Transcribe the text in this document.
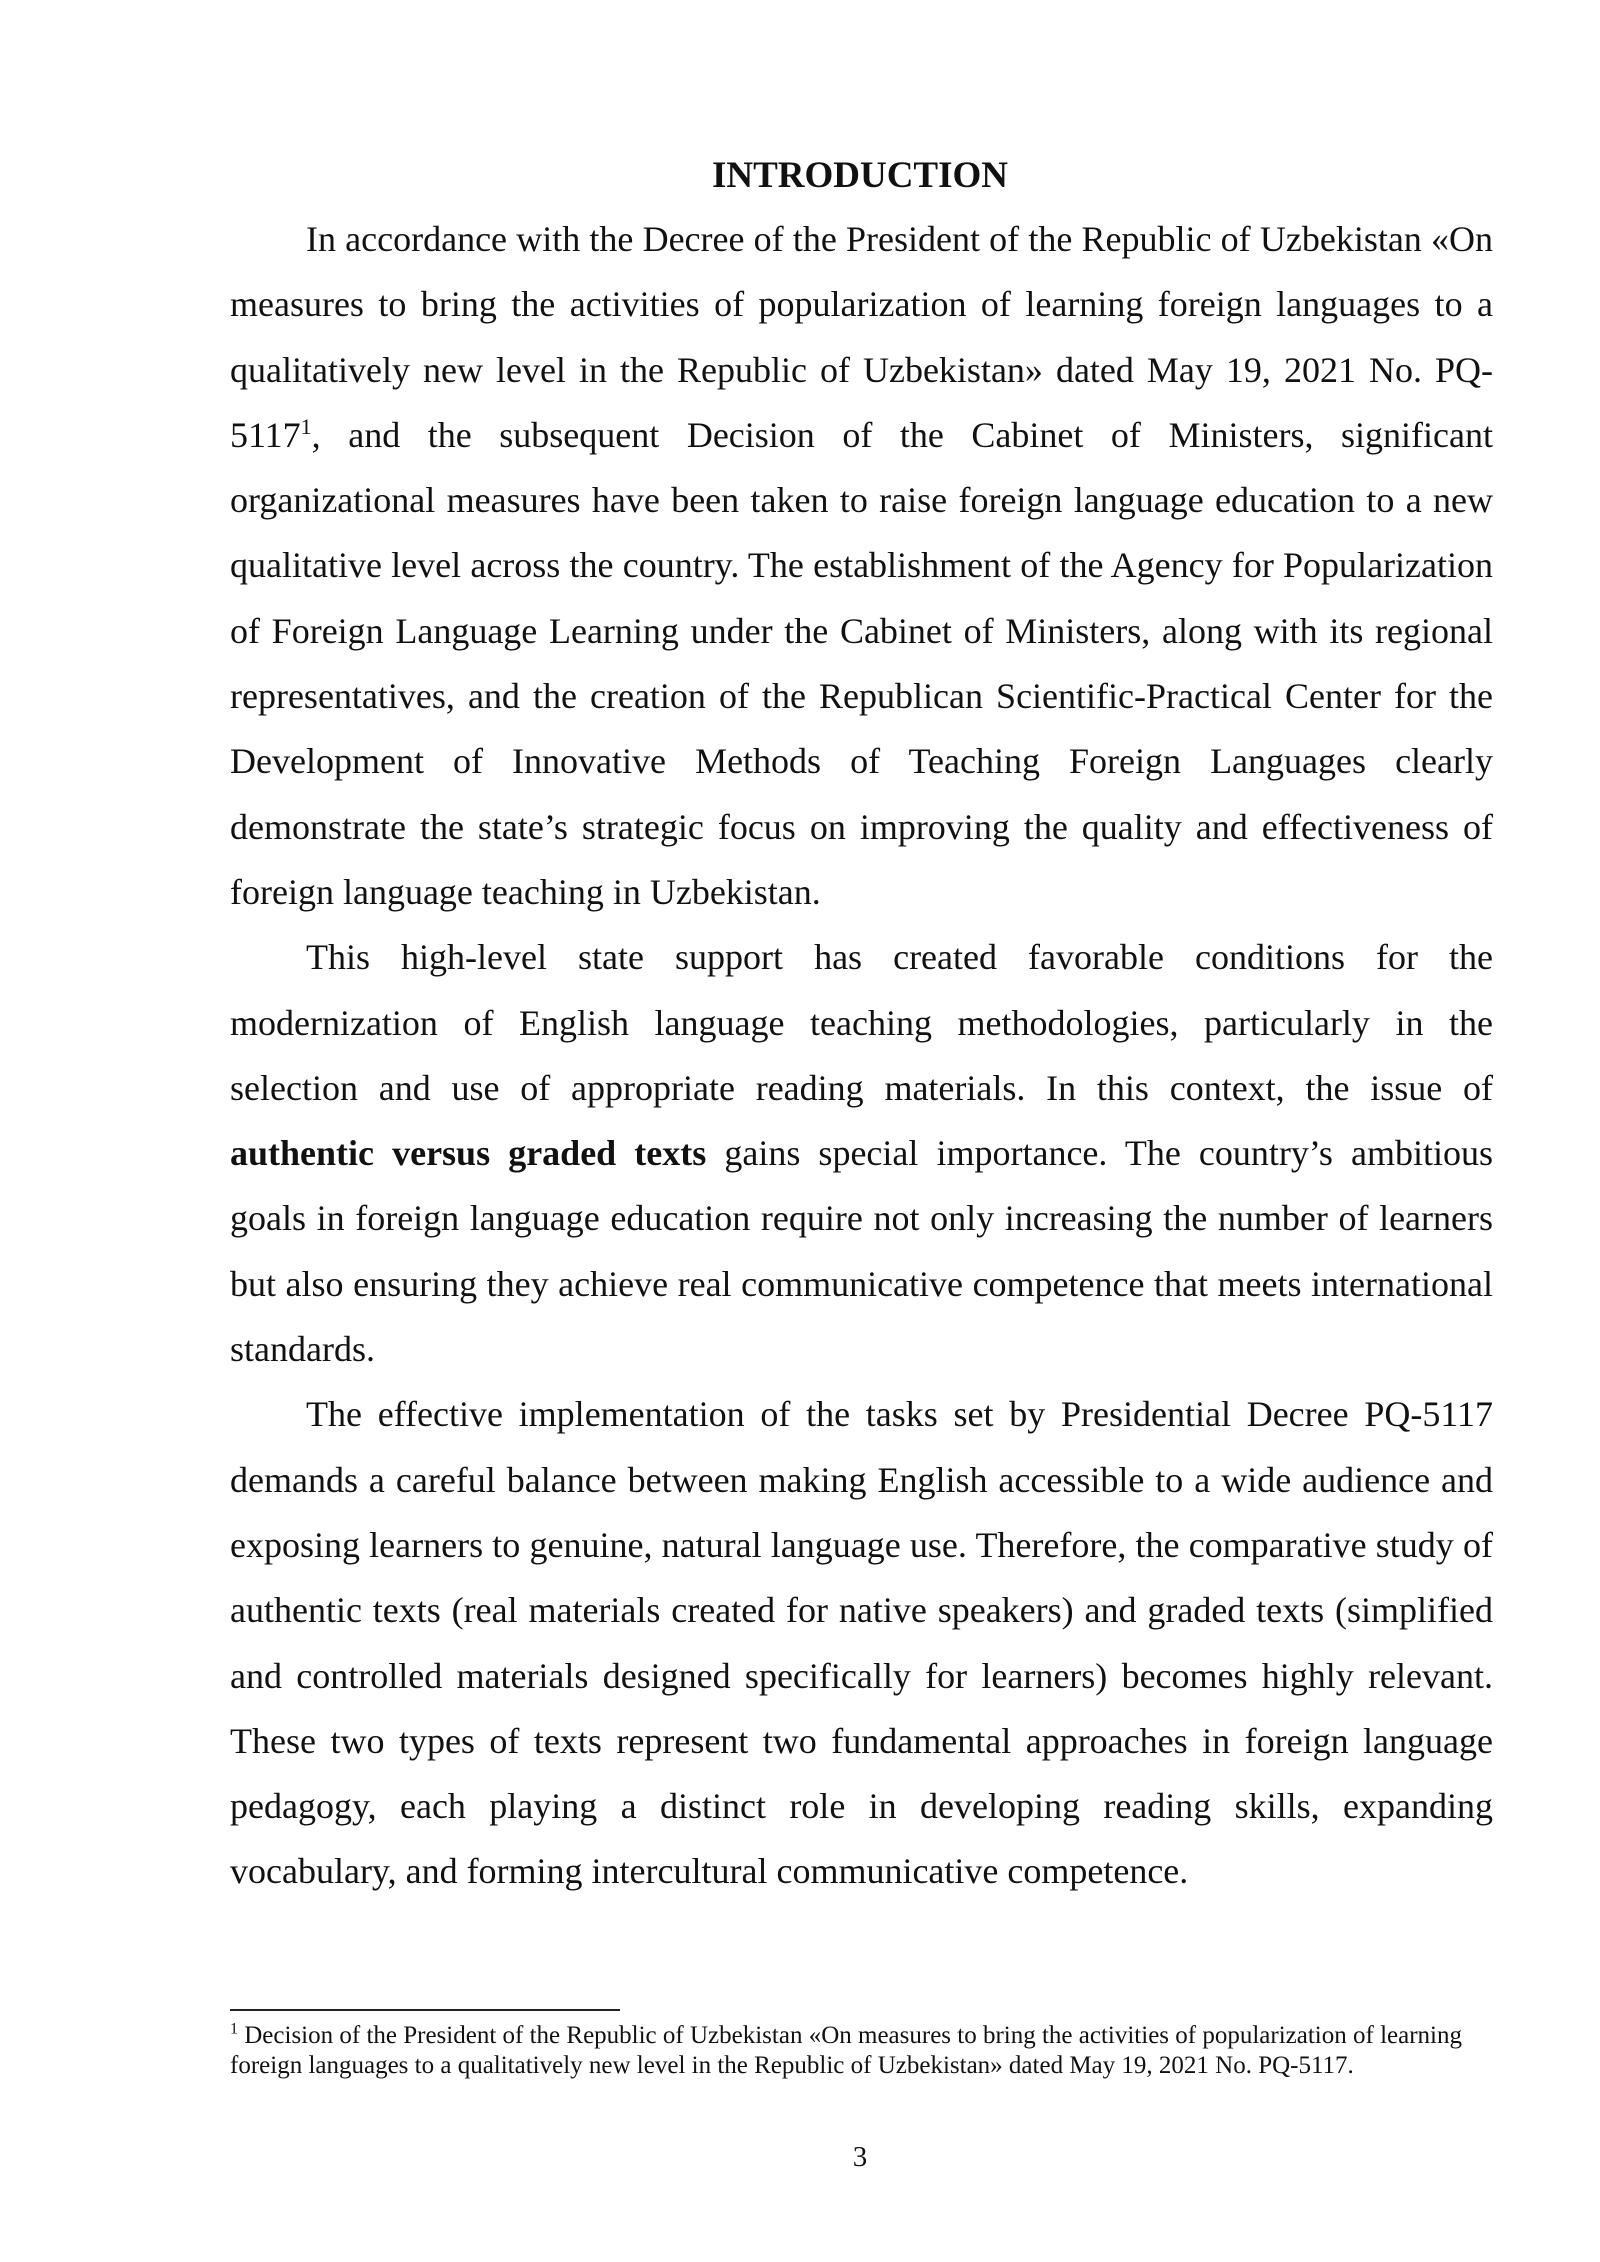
INTRODUCTION

In accordance with the Decree of the President of the Republic of Uzbekistan «On measures to bring the activities of popularization of learning foreign languages to a qualitatively new level in the Republic of Uzbekistan» dated May 19, 2021 No. PQ-5117$^1$, and the subsequent Decision of the Cabinet of Ministers, significant organizational measures have been taken to raise foreign language education to a new qualitative level across the country. The establishment of the Agency for Popularization of Foreign Language Learning under the Cabinet of Ministers, along with its regional representatives, and the creation of the Republican Scientific-Practical Center for the Development of Innovative Methods of Teaching Foreign Languages clearly demonstrate the state’s strategic focus on improving the quality and effectiveness of foreign language teaching in Uzbekistan.

This high-level state support has created favorable conditions for the modernization of English language teaching methodologies, particularly in the selection and use of appropriate reading materials. In this context, the issue of authentic versus graded texts gains special importance. The country’s ambitious goals in foreign language education require not only increasing the number of learners but also ensuring they achieve real communicative competence that meets international standards.

The effective implementation of the tasks set by Presidential Decree PQ-5117 demands a careful balance between making English accessible to a wide audience and exposing learners to genuine, natural language use. Therefore, the comparative study of authentic texts (real materials created for native speakers) and graded texts (simplified and controlled materials designed specifically for learners) becomes highly relevant. These two types of texts represent two fundamental approaches in foreign language pedagogy, each playing a distinct role in developing reading skills, expanding vocabulary, and forming intercultural communicative competence.

$^1$ Decision of the President of the Republic of Uzbekistan «On measures to bring the activities of popularization of learning foreign languages to a qualitatively new level in the Republic of Uzbekistan» dated May 19, 2021 No. PQ-5117.

3
